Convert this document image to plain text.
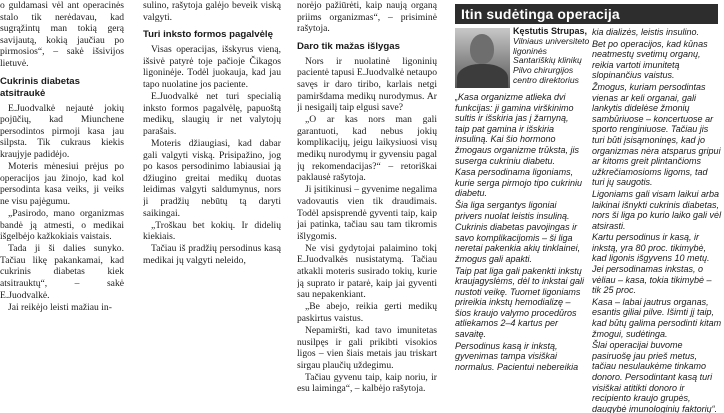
o guldamasi vėl ant operacinės stalo tik nerėdavau, kad sugrąžintų man tokią gerą savijautą, kokią jaučiau po pirmosios“, – sakė išsivijos lietuvė.

Cukrinis diabetas atsitraukė

E.Juodvalkė nejautė jokių pojūčių, kad Miunchene persodintos pirmoji kasa jau silpsta. Tik cukraus kiekis kraujyje padidėjo.

Moteris mėnesiui prėjus po operacijos jau žinojo, kad kol persodinta kasa veiks, ji veiks ne visu pajėgumu.

„Pasirodo, mano organizmas bandė ją atmesti, o medikai išgelbėjo kažkokiais vaistais.

Tada ji ši dalies sunyko. Tačiau likę pakankamai, kad cukrinis diabetas kiek atsitrauktų“, – sakė E.Juodvalkė.

Jai reikėjo leisti mažiau in-

sulino, rašytoja galėjo beveik viską valgyti.

Turi inksto formos pagalvėlę

Visas operacijas, išskyrus vieną, išsivė patyrė toje pačioje Čikagos ligoninėje. Todėl juokauja, kad jau tapo nuolatine jos paciente.

E.Juodvalkė net turi specialią inksto formos pagalvėlę, papuoštą medikų, slaugių ir net valytojų parašais.

Moteris džiaugiasi, kad dabar gali valgyti viską. Prisipažino, jog po kasos persodinimo labiausiai ją džiugino greitai medikų duotas leidimas valgyti saldumynus, nors ji pradžių nebūtų tą daryti saikingai.

„Troškau bet kokių. Ir didelių kiekiais.

Tačiau iš pradžių persodinus kasą medikai jų valgyti neleido,

norėjo pažiūrėti, kaip naują organą priims organizmas“, – prisiminė rašytoja.

Daro tik mažas išlygas

Nors ir nuolatinė ligoninių pacientė tapusi E.Juodvalkė netaupo savęs ir daro tiribo, karlais netgi pamiršdama medikų nurodymus. Ar ji nesigailį taip elgusi save?

„O ar kas nors man gali garantuoti, kad nebus jokių komplikacijų, jeigu laikysiuosi visų medikų nurodymų ir gyvensiu pagal jų rekomendacijas?“ – retoriškai paklausė rašytoja.

Ji įsitikinusi – gyvenime negalima vadovautis vien tik draudimais. Todėl apsisprendė gyventi taip, kaip jai patinka, tačiau sau tam tikromis išlygomis.

Ne visi gydytojai palaimino tokį E.Juodvalkės nusistatymą. Tačiau atkakli moteris susirado tokių, kurie ją suprato ir patarė, kaip jai gyventi sau nepakenkiant.

„Be abejo, reikia gerti medikų paskirtus vaistus.

Nepamiršti, kad tavo imunitetas nusilpęs ir gali prikibti visokios ligos – vien šiais metais jau triskart sirgau plaučių uždegimu.

Tačiau gyvenu taip, kaip noriu, ir esu laiminga“, – kalbėjo rašytoja.

Itin sudėtinga operacija
Kęstutis Strupas,
Vilniaus universiteto ligoninės Santariškių klinikų Pilvo chirurgijos centro direktorius

„Kasa organizme atlieka dvi funkcijas: ji gamina virškinimo sultis ir išskiria jas į žarnyną, taip pat gamina ir išskiria insuliną. Kai šio hormono žmogaus organizme trūksta, jis suserga cukriniu diabetu.

Kasa persodinama ligoniams, kurie serga pirmojo tipo cukriniu diabetu.

Šia liga sergantys ligoniai privers nuolat leistis insuliną.

Cukrinis diabetas pavojingas ir savo komplikacijomis – ši liga neretai pakenkia akių tinklainei, žmogus gali apakti.

Taip pat liga gali pakenkti inkstų kraujagyslėms, dėl to inkstai gali nustoti veikę. Tuomet ligoniams prireikia inkstų hemodializę – šios kraujo valymo procedūros atliekamos 2–4 kartus per savaitę.

Persodinus kasą ir inkstą, gyvenimas tampa visiškai normalus. Pacientui nebereikia

kia dializės, leistis insulino.

Bet po operacijos, kad kūnas neatmestų svetimų organų, reikia vartoti imunitetą slopinančius vaistus.

Žmogus, kuriam persodintas vienas ar keli organai, gali lankytis didelėse žmonių sambūriuose – koncertuose ar sporto renginiuose. Tačiau jis turi būti įsisąmoninęs, kad jo organizmas nėra atsparus gripui ar kitoms greit plintančioms užkrečiamosioms ligoms, tad turi jų saugotis.

Ligoniams gali visam laikui arba laikinai išnykti cukrinis diabetas, nors ši liga po kurio laiko gali vėl atsirasti.

Kartu persodinus ir kasą, ir inkstą, yra 80 proc. tikimybė, kad ligonis išgyvens 10 metų. Jei persodinamas inkstas, o vėliau – kasa, tokia tikimybė – tik 25 proc.

Kasa – labai jautrus organas, esantis giliai pilve. Išimti jį taip, kad būtų galima persodinti kitam žmogui, sudėtinga.

Šlai operacijai buvome pasiruošę jau prieš metus, tačiau nesulaukėme tinkamo donoro. Persodintant kasą turi visiškai atitikti donoro ir recipiento kraujo grupės, daugybė imunologinių faktorių“.
